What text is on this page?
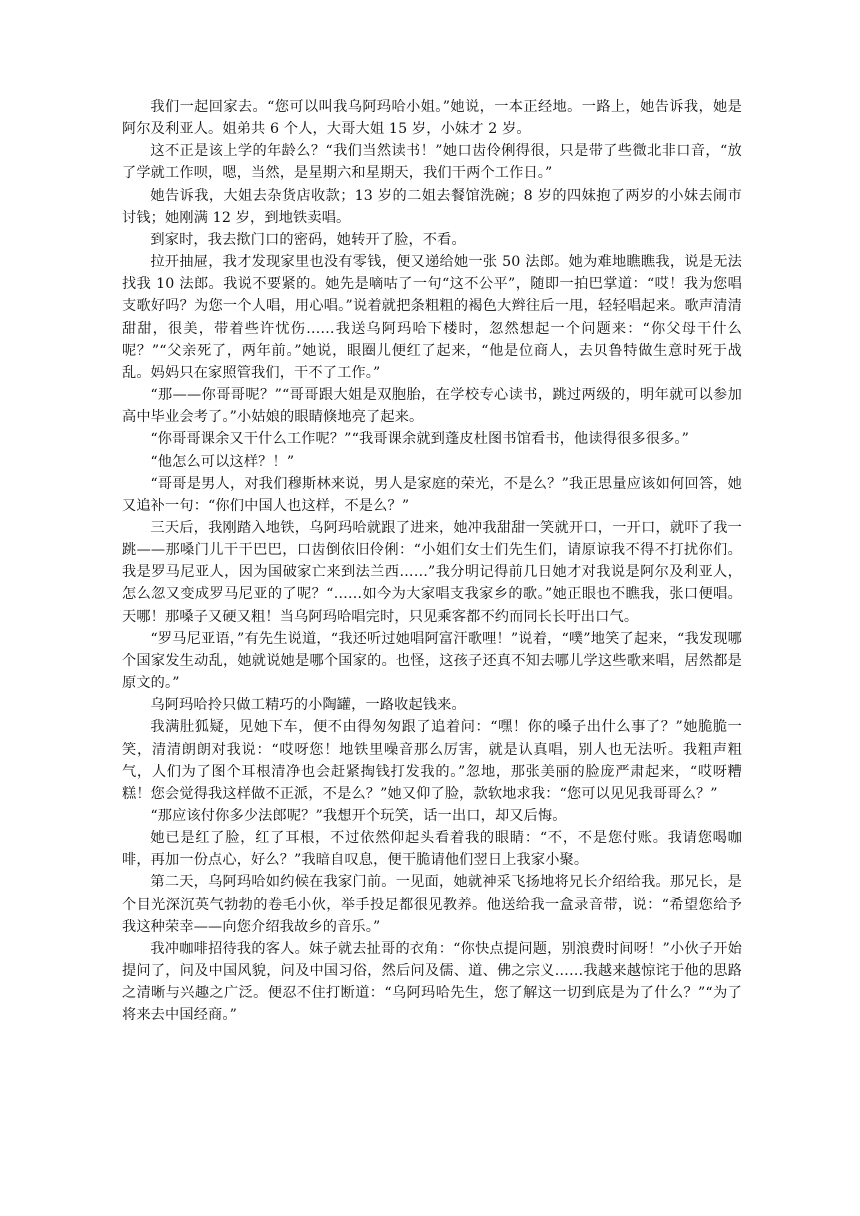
我们一起回家去。“您可以叫我乌阿玛哈小姐。”她说，一本正经地。一路上，她告诉我，她是阿尔及利亚人。姐弟共 6 个人，大哥大姐 15 岁，小妹才 2 岁。

这不正是该上学的年龄么？“我们当然读书！”她口齿伶俐得很，只是带了些微北非口音，“放了学就工作呗，嗯，当然，是星期六和星期天，我们干两个工作日。”

她告诉我，大姐去杂货店收款；13 岁的二姐去餐馆洗碗；8 岁的四妹抱了两岁的小妹去闹市讨钱；她刚满 12 岁，到地铁卖唱。

到家时，我去揿门口的密码，她转开了脸，不看。

拉开抽屉，我才发现家里也没有零钱，便又递给她一张 50 法郎。她为难地瞧瞧我，说是无法找我 10 法郎。我说不要紧的。她先是嘀咕了一句“这不公平”，随即一拍巴掌道：“哎！我为您唱支歌好吗？为您一个人唱，用心唱。”说着就把条粗粗的褐色大辫往后一甩，轻轻唱起来。歌声清清甜甜，很美，带着些许忧伤……我送乌阿玛哈下楼时，忽然想起一个问题来：“你父母干什么呢？”“父亲死了，两年前。”她说，眼圈儿便红了起来，“他是位商人，去贝鲁特做生意时死于战乱。妈妈只在家照管我们，干不了工作。”

“那——你哥哥呢？”“哥哥跟大姐是双胞胎，在学校专心读书，跳过两级的，明年就可以参加高中毕业会考了。”小姑娘的眼睛倏地亮了起来。

“你哥哥课余又干什么工作呢？”“我哥课余就到蓬皮杜图书馆看书，他读得很多很多。”

“他怎么可以这样？！”

“哥哥是男人，对我们穆斯林来说，男人是家庭的荣光，不是么？”我正思量应该如何回答，她又追补一句：“你们中国人也这样，不是么？”

三天后，我刚踏入地铁，乌阿玛哈就跟了进来，她冲我甜甜一笑就开口，一开口，就吓了我一跳——那嗓门儿干干巴巴，口齿倒依旧伶俐：“小姐们女士们先生们，请原谅我不得不打扰你们。我是罗马尼亚人，因为国破家亡来到法兰西……”我分明记得前几日她才对我说是阿尔及利亚人，怎么忽又变成罗马尼亚的了呢？“……如今为大家唱支我家乡的歌。”她正眼也不瞧我，张口便唱。天哪！那嗓子又硬又粗！当乌阿玛哈唱完时，只见乘客都不约而同长长吁出口气。

“罗马尼亚语，”有先生说道，“我还听过她唱阿富汗歌哩！”说着，“噗”地笑了起来，“我发现哪个国家发生动乱，她就说她是哪个国家的。也怪，这孩子还真不知去哪儿学这些歌来唱，居然都是原文的。”

乌阿玛哈拎只做工精巧的小陶罐，一路收起钱来。

我满肚狐疑，见她下车，便不由得匆匆跟了追着问：“嘿！你的嗓子出什么事了？”她脆脆一笑，清清朗朗对我说：“哎呀您！地铁里噪音那么厉害，就是认真唱，别人也无法听。我粗声粗气，人们为了图个耳根清净也会赶紧掏钱打发我的。”忽地，那张美丽的脸庞严肃起来，“哎呀糟糕！您会觉得我这样做不正派，不是么？”她又仰了脸，款软地求我：“您可以见见我哥哥么？”

“那应该付你多少法郎呢？”我想开个玩笑，话一出口，却又后悔。

她已是红了脸，红了耳根，不过依然仰起头看着我的眼睛：“不，不是您付账。我请您喝咖啡，再加一份点心，好么？”我暗自叹息，便干脆请他们翌日上我家小聚。

第二天，乌阿玛哈如约候在我家门前。一见面，她就神采飞扬地将兄长介绍给我。那兄长，是个目光深沉英气勃勃的卷毛小伙，举手投足都很见教养。他送给我一盒录音带，说：“希望您给予我这种荣幸——向您介绍我故乡的音乐。”

我冲咖啡招待我的客人。妹子就去扯哥的衣角：“你快点提问题，别浪费时间呀！”小伙子开始提问了，问及中国风貌，问及中国习俗，然后问及儒、道、佛之宗义……我越来越惊诧于他的思路之清晰与兴趣之广泛。便忍不住打断道：“乌阿玛哈先生，您了解这一切到底是为了什么？”“为了将来去中国经商。”
